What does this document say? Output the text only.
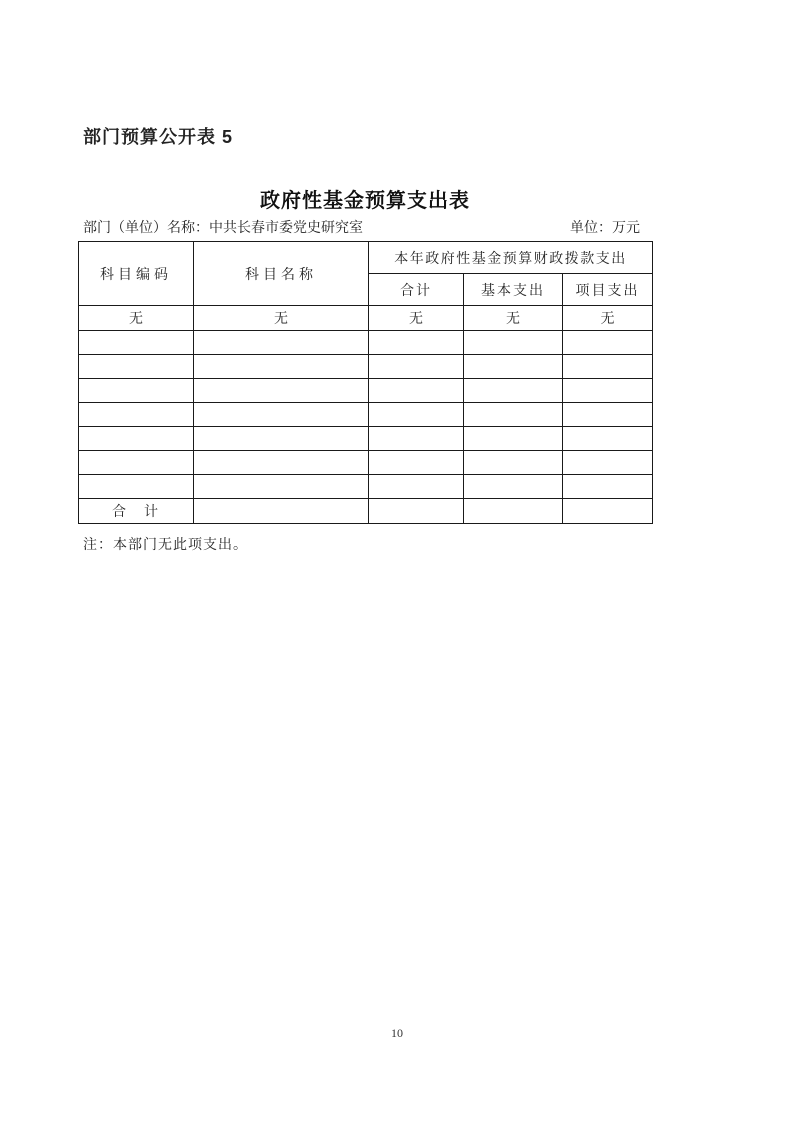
部门预算公开表 5
政府性基金预算支出表
部门（单位）名称：中共长春市委党史研究室	单位：万元
科目编码	科目名称	本年政府性基金预算财政拨款支出		
		合计	基本支出	项目支出
无	无	无	无	无

合　计				
注：本部门无此项支出。
10
